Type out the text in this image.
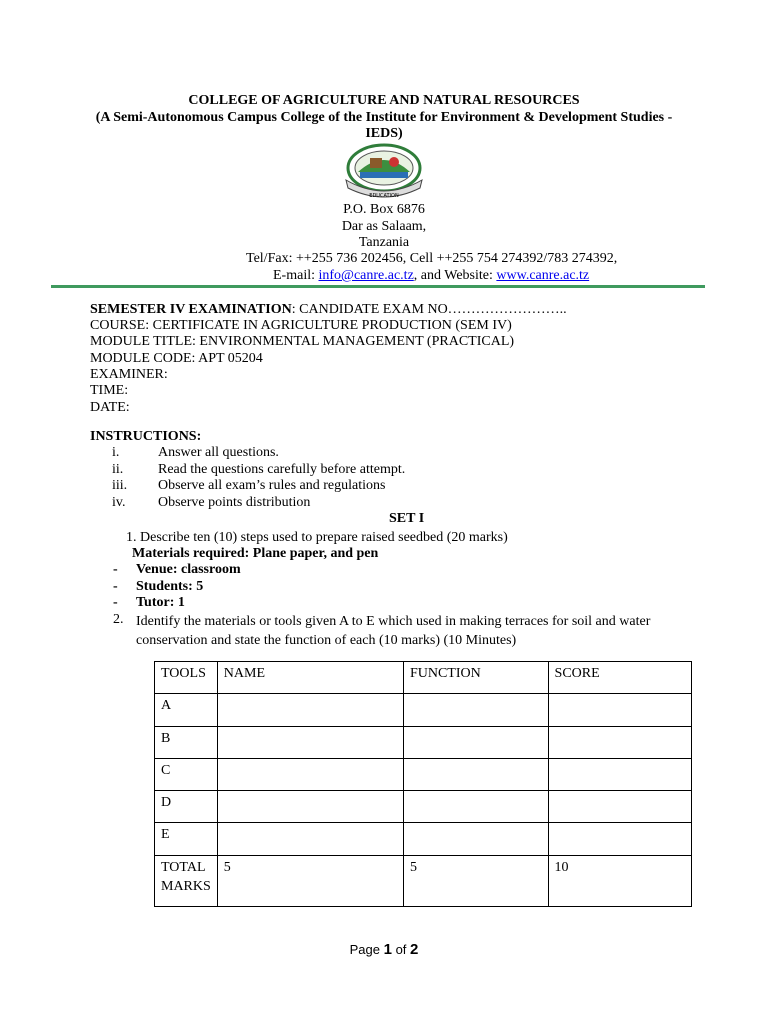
COLLEGE OF AGRICULTURE AND NATURAL RESOURCES
(A Semi-Autonomous Campus College of the Institute for Environment & Development Studies -
IEDS)
EDUCATION
P.O. Box 6876
Dar as Salaam,
Tanzania
Tel/Fax: ++255 736 202456, Cell ++255 754 274392/783 274392,
E-mail: info@canre.ac.tz, and Website: www.canre.ac.tz
SEMESTER IV EXAMINATION: CANDIDATE EXAM NO……………………..
COURSE: CERTIFICATE IN AGRICULTURE PRODUCTION (SEM IV)
MODULE TITLE: ENVIRONMENTAL MANAGEMENT (PRACTICAL)
MODULE CODE: APT 05204
EXAMINER:
TIME:
DATE:
INSTRUCTIONS:
i.	Answer all questions.
ii. Read the questions carefully before attempt.
iii. Observe all exam’s rules and regulations
iv. Observe points distribution
SET I
1. Describe ten (10) steps used to prepare raised seedbed (20 marks)
Materials required: Plane paper, and pen
- Venue: classroom
- Students: 5
- Tutor: 1
2. Identify the materials or tools given A to E which used in making terraces for soil and water
conservation and state the function of each (10 marks) (10 Minutes)
TOOLS	NAME	FUNCTION	SCORE
A			
B			
C			
D			
E			

TOTAL
MARKS	5	5	10
Page 1 of 2
